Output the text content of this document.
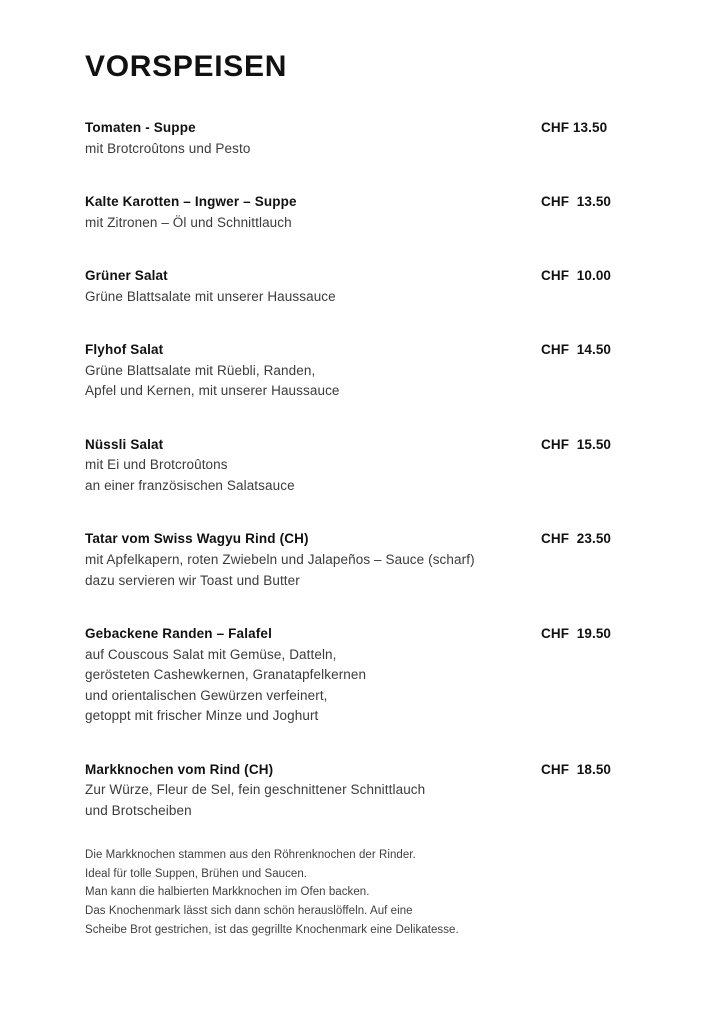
VORSPEISEN
Tomaten - Suppe	CHF 13.50
mit Brotcroûtons und Pesto
Kalte Karotten – Ingwer – Suppe	CHF  13.50
mit Zitronen – Öl und Schnittlauch
Grüner Salat	CHF  10.00
Grüne Blattsalate mit unserer Haussauce
Flyhof Salat	CHF  14.50
Grüne Blattsalate mit Rüebli, Randen,
Apfel und Kernen, mit unserer Haussauce
Nüssli Salat	CHF  15.50
mit Ei und Brotcroûtons
an einer französischen Salatsauce
Tatar vom Swiss Wagyu Rind (CH)	CHF  23.50
mit Apfelkapern, roten Zwiebeln und Jalapeños – Sauce (scharf)
dazu servieren wir Toast und Butter
Gebackene Randen – Falafel	CHF  19.50
auf Couscous Salat mit Gemüse, Datteln,
gerösteten Cashewkernen, Granatapfelkernen
und orientalischen Gewürzen verfeinert,
getoppt mit frischer Minze und Joghurt
Markknochen vom Rind (CH)	CHF  18.50
Zur Würze, Fleur de Sel, fein geschnittener Schnittlauch
und Brotscheiben
Die Markknochen stammen aus den Röhrenknochen der Rinder.
Ideal für tolle Suppen, Brühen und Saucen.
Man kann die halbierten Markknochen im Ofen backen.
Das Knochenmark lässt sich dann schön herauslöffeln. Auf eine
Scheibe Brot gestrichen, ist das gegrillte Knochenmark eine Delikatesse.
